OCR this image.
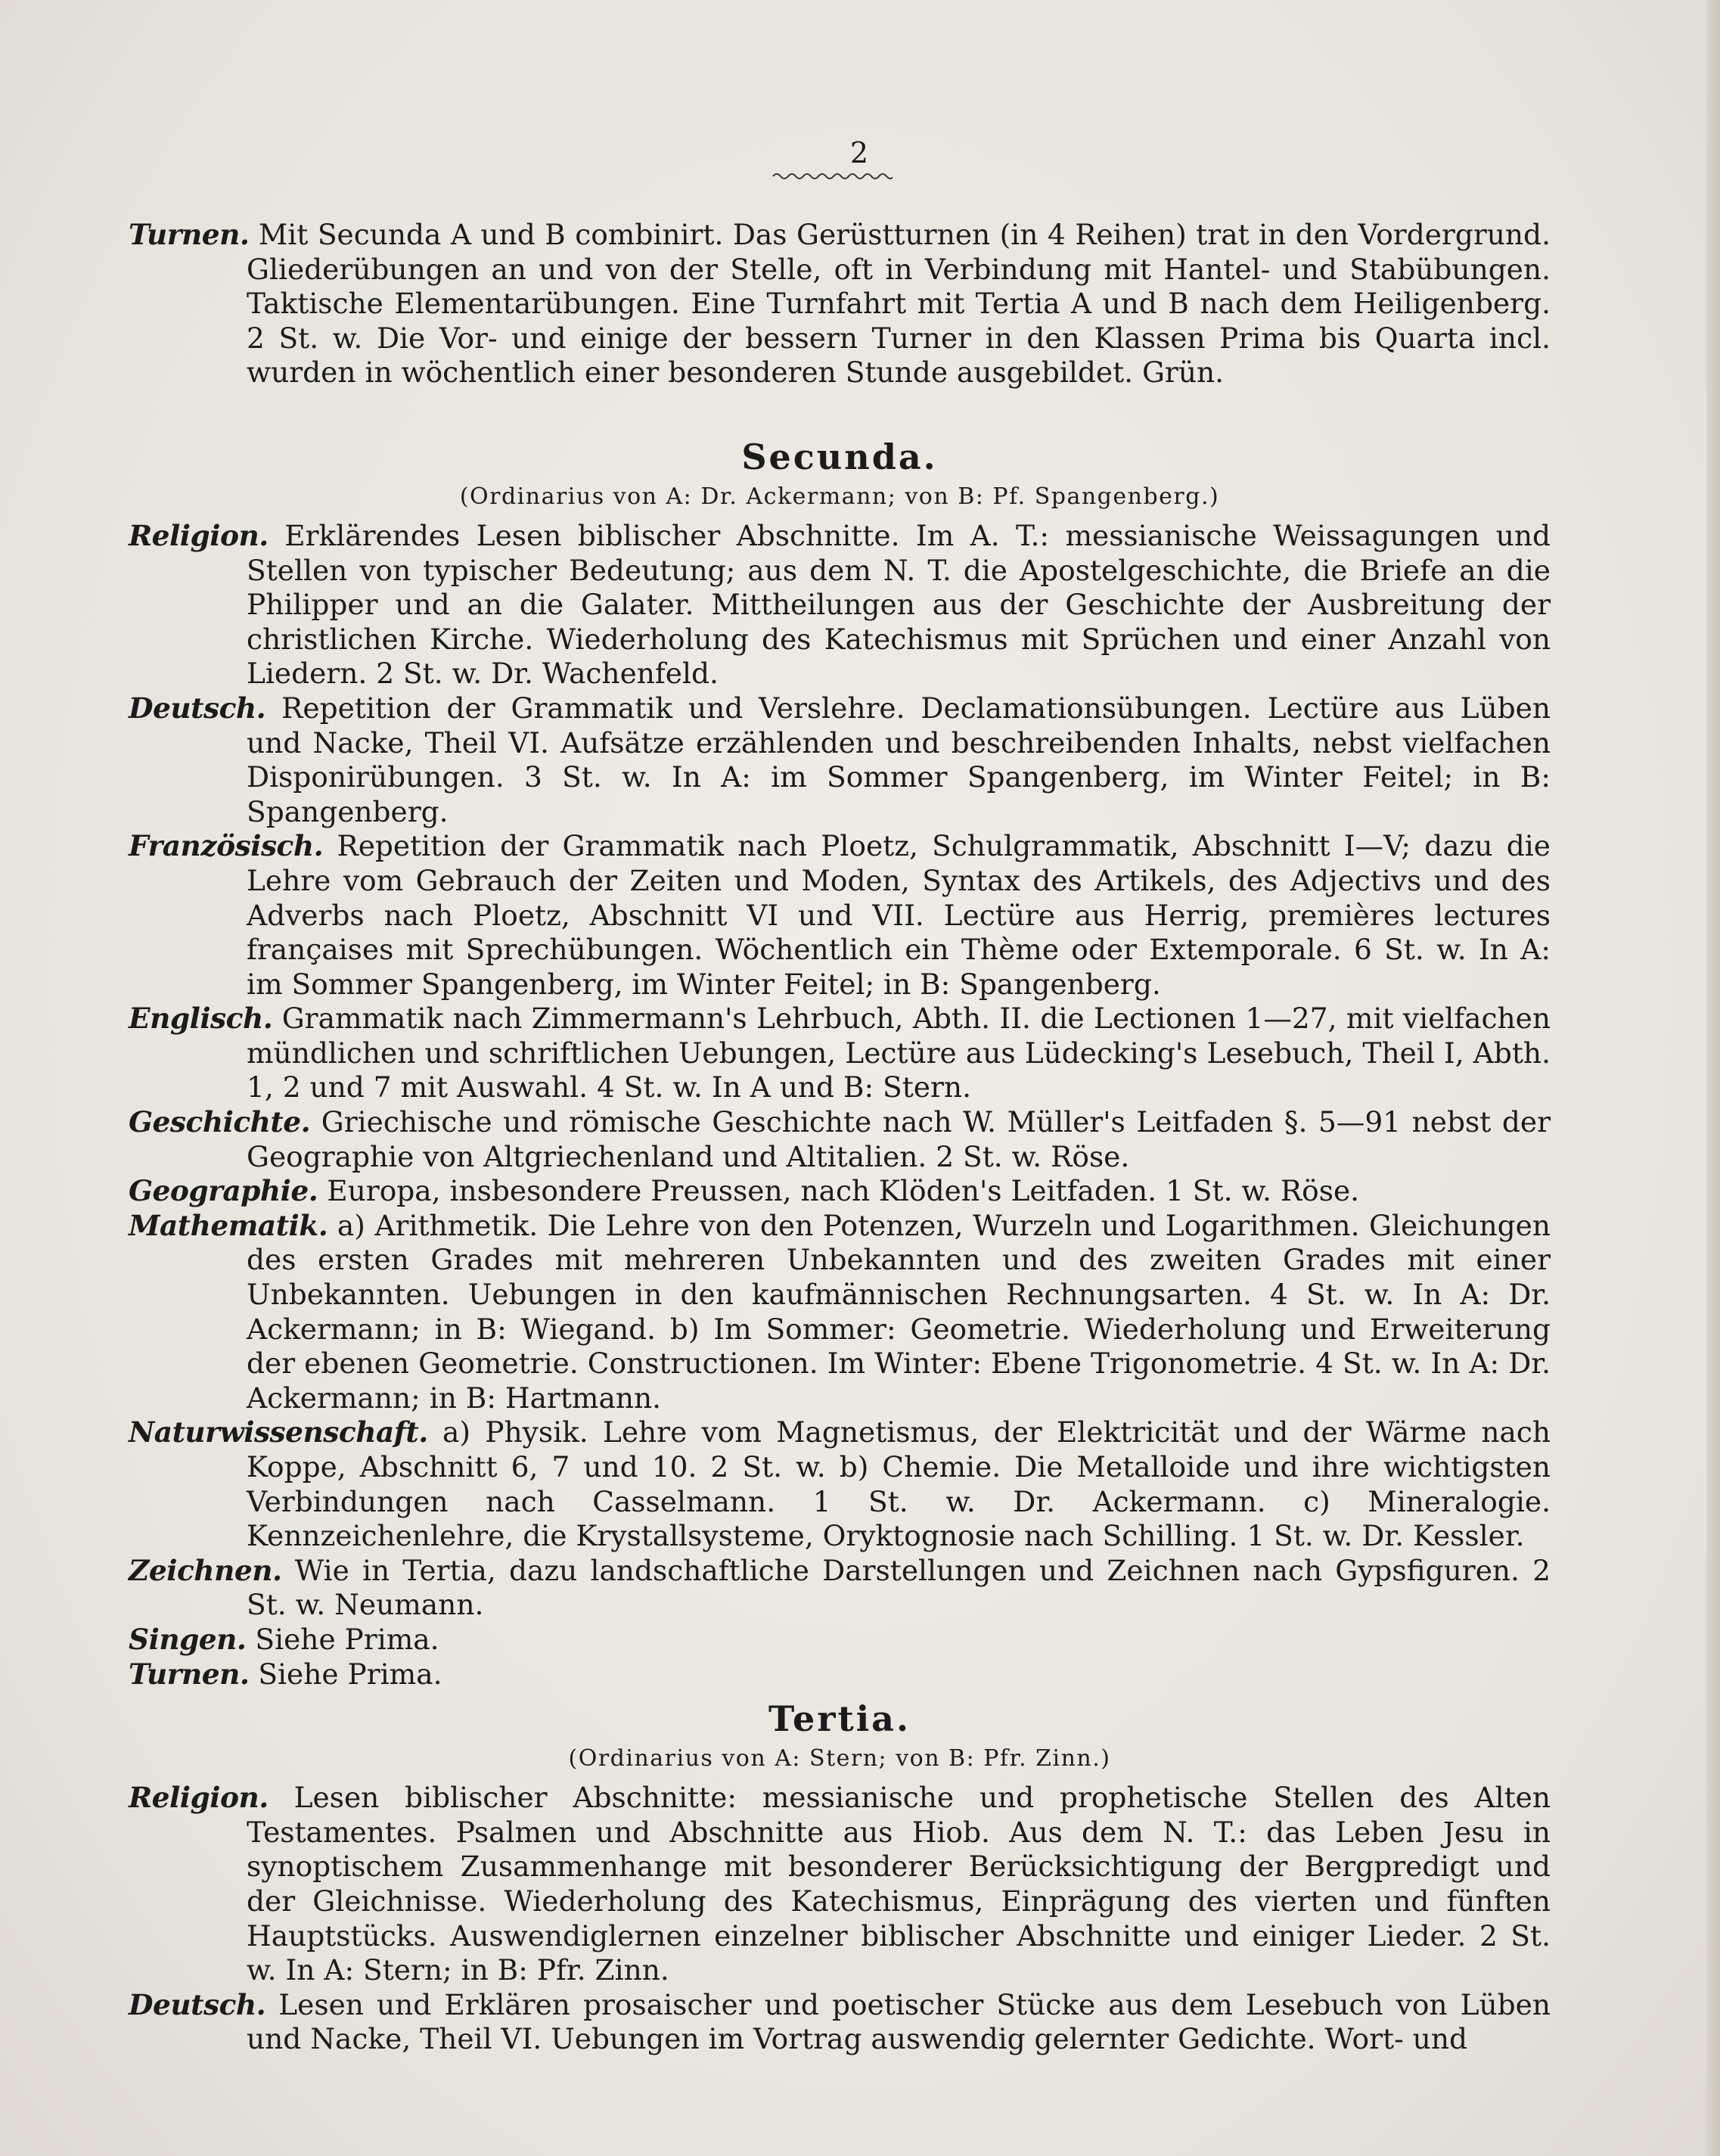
2

Turnen. Mit Secunda A und B combinirt. Das Gerüstturnen (in 4 Reihen) trat in den Vordergrund. Gliederübungen an und von der Stelle, oft in Verbindung mit Hantel- und Stabübungen. Taktische Elementarübungen. Eine Turnfahrt mit Tertia A und B nach dem Heiligenberg. 2 St. w. Die Vor- und einige der bessern Turner in den Klassen Prima bis Quarta incl. wurden in wöchentlich einer besonderen Stunde ausgebildet. Grün.

Secunda.
(Ordinarius von A: Dr. Ackermann; von B: Pf. Spangenberg.)

Religion. Erklärendes Lesen biblischer Abschnitte. Im A. T.: messianische Weissagungen und Stellen von typischer Bedeutung; aus dem N. T. die Apostelgeschichte, die Briefe an die Philipper und an die Galater. Mittheilungen aus der Geschichte der Ausbreitung der christlichen Kirche. Wiederholung des Katechismus mit Sprüchen und einer Anzahl von Liedern. 2 St. w. Dr. Wachenfeld.

Deutsch. Repetition der Grammatik und Verslehre. Declamationsübungen. Lectüre aus Lüben und Nacke, Theil VI. Aufsätze erzählenden und beschreibenden Inhalts, nebst vielfachen Disponirübungen. 3 St. w. In A: im Sommer Spangenberg, im Winter Feitel; in B: Spangenberg.

Französisch. Repetition der Grammatik nach Ploetz, Schulgrammatik, Abschnitt I—V; dazu die Lehre vom Gebrauch der Zeiten und Moden, Syntax des Artikels, des Adjectivs und des Adverbs nach Ploetz, Abschnitt VI und VII. Lectüre aus Herrig, premières lectures françaises mit Sprechübungen. Wöchentlich ein Thème oder Extemporale. 6 St. w. In A: im Sommer Spangenberg, im Winter Feitel; in B: Spangenberg.

Englisch. Grammatik nach Zimmermann's Lehrbuch, Abth. II. die Lectionen 1—27, mit vielfachen mündlichen und schriftlichen Uebungen, Lectüre aus Lüdecking's Lesebuch, Theil I, Abth. 1, 2 und 7 mit Auswahl. 4 St. w. In A und B: Stern.

Geschichte. Griechische und römische Geschichte nach W. Müller's Leitfaden §. 5—91 nebst der Geographie von Altgriechenland und Altitalien. 2 St. w. Röse.

Geographie. Europa, insbesondere Preussen, nach Klöden's Leitfaden. 1 St. w. Röse.

Mathematik. a) Arithmetik. Die Lehre von den Potenzen, Wurzeln und Logarithmen. Gleichungen des ersten Grades mit mehreren Unbekannten und des zweiten Grades mit einer Unbekannten. Uebungen in den kaufmännischen Rechnungsarten. 4 St. w. In A: Dr. Ackermann; in B: Wiegand. b) Im Sommer: Geometrie. Wiederholung und Erweiterung der ebenen Geometrie. Constructionen. Im Winter: Ebene Trigonometrie. 4 St. w. In A: Dr. Ackermann; in B: Hartmann.

Naturwissenschaft. a) Physik. Lehre vom Magnetismus, der Elektricität und der Wärme nach Koppe, Abschnitt 6, 7 und 10. 2 St. w. b) Chemie. Die Metalloide und ihre wichtigsten Verbindungen nach Casselmann. 1 St. w. Dr. Ackermann. c) Mineralogie. Kennzeichenlehre, die Krystallsysteme, Oryktognosie nach Schilling. 1 St. w. Dr. Kessler.

Zeichnen. Wie in Tertia, dazu landschaftliche Darstellungen und Zeichnen nach Gypsfiguren. 2 St. w. Neumann.

Singen. Siehe Prima.

Turnen. Siehe Prima.

Tertia.
(Ordinarius von A: Stern; von B: Pfr. Zinn.)

Religion. Lesen biblischer Abschnitte: messianische und prophetische Stellen des Alten Testamentes. Psalmen und Abschnitte aus Hiob. Aus dem N. T.: das Leben Jesu in synoptischem Zusammenhange mit besonderer Berücksichtigung der Bergpredigt und der Gleichnisse. Wiederholung des Katechismus, Einprägung des vierten und fünften Hauptstücks. Auswendiglernen einzelner biblischer Abschnitte und einiger Lieder. 2 St. w. In A: Stern; in B: Pfr. Zinn.

Deutsch. Lesen und Erklären prosaischer und poetischer Stücke aus dem Lesebuch von Lüben und Nacke, Theil VI. Uebungen im Vortrag auswendig gelernter Gedichte. Wort- und
